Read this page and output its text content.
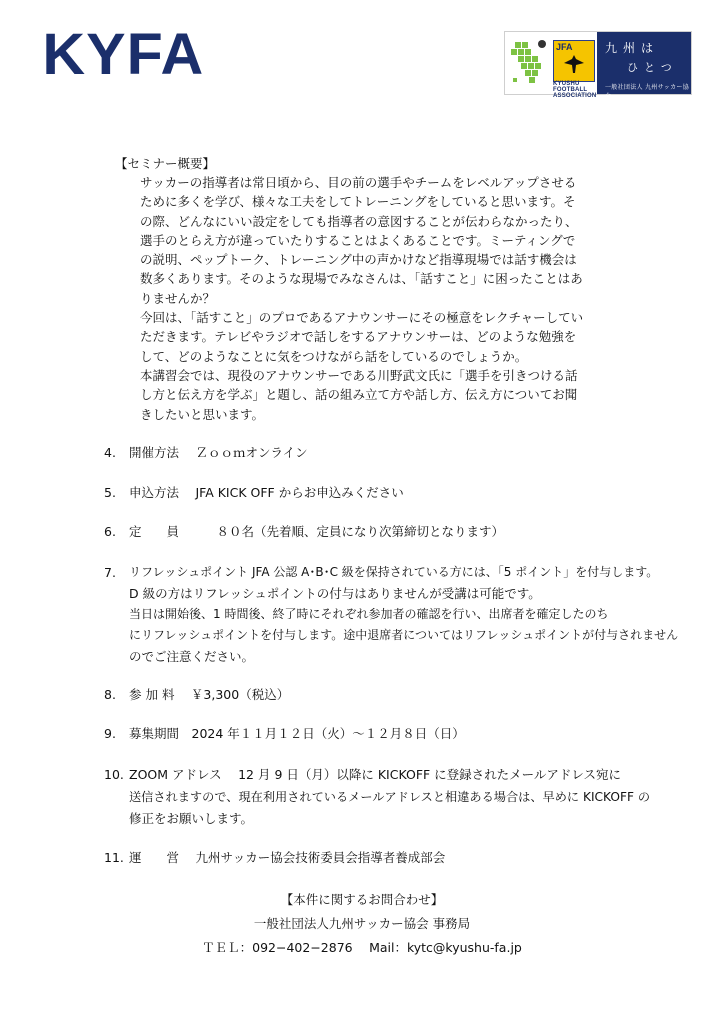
KYFA	JFA
KYUSHU FOOTBALL ASSOCIATION
九州は
ひとつ
一般社団法人 九州サッカー協会
【セミナー概要】
サッカーの指導者は常日頃から、目の前の選手やチームをレベルアップさせる
ために多くを学び、様々な工夫をしてトレーニングをしていると思います。そ
の際、どんなにいい設定をしても指導者の意図することが伝わらなかったり、
選手のとらえ方が違っていたりすることはよくあることです。ミーティングで
の説明、ペップトーク、トレーニング中の声かけなど指導現場では話す機会は
数多くあります。そのような現場でみなさんは、「話すこと」に困ったことはあ
りませんか？
今回は、「話すこと」のプロであるアナウンサーにその極意をレクチャーしてい
ただきます。テレビやラジオで話しをするアナウンサーは、どのような勉強を
して、どのようなことに気をつけながら話をしているのでしょうか。
本講習会では、現役のアナウンサーである川野武文氏に「選手を引きつける話
し方と伝え方を学ぶ」と題し、話の組み立て方や話し方、伝え方についてお聞
きしたいと思います。
4.	開催方法　 Ｚｏｏｍオンライン
5.	申込方法　 JFA KICK OFF からお申込みください
6.	定　　員　　　８０名（先着順、定員になり次第締切となります）
7.	リフレッシュポイント JFA 公認 A･B･C 級を保持されている方には、「5 ポイント」を付与します。
D 級の方はリフレッシュポイントの付与はありませんが受講は可能です。
当日は開始後、1 時間後、終了時にそれぞれ参加者の確認を行い、出席者を確定したのち
にリフレッシュポイントを付与します。途中退席者についてはリフレッシュポイントが付与されません
のでご注意ください。
8.	参 加 料　 ￥3,300（税込）
9.	募集期間　2024 年１１月１２日（火）～１２月８日（日）
10. ZOOM アドレス　 12 月 9 日（月）以降に KICKOFF に登録されたメールアドレス宛に
送信されますので、現在利用されているメールアドレスと相違ある場合は、早めに KICKOFF の
修正をお願いします。
11. 運　　営　 九州サッカー協会技術委員会指導者養成部会
【本件に関するお問合わせ】
一般社団法人九州サッカー協会 事務局
ＴＥＬ：092−402−2876　 Mail：kytc@kyushu-fa.jp
